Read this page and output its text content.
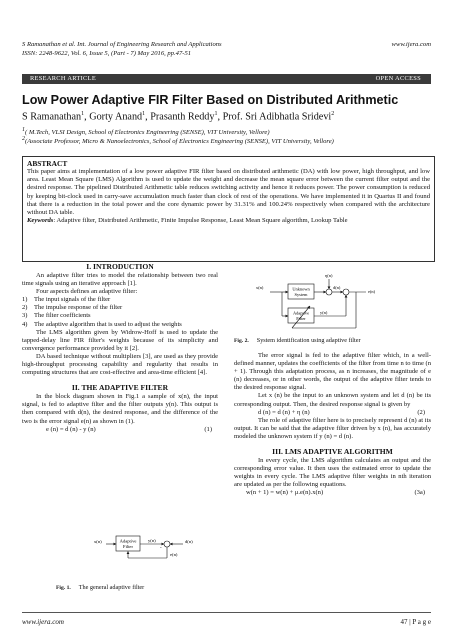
S Ramanathan et al. Int. Journal of Engineering Research and Applications
ISSN: 2248-9622, Vol. 6, Issue 5, (Part - 7) May 2016, pp.47-51
www.ijera.com
RESEARCH ARTICLE	OPEN ACCESS
Low Power Adaptive FIR Filter Based on Distributed Arithmetic
S Ramanathan$^1$, Gorty Anand$^1$, Prasanth Reddy$^1$, Prof. Sri Adibhatla Sridevi$^2$
$^1$( M.Tech, VLSI Design, School of Electronics Engineering (SENSE), VIT University, Vellore)
$^2$(Associate Professor, Micro & Nanoelectronics, School of Electronics Engineering (SENSE), VIT University, Vellore)
ABSTRACT

This paper aims at implementation of a low power adaptive FIR filter based on distributed arithmetic (DA) with low power, high throughput, and low area. Least Mean Square (LMS) Algorithm is used to update the weight and decrease the mean square error between the current filter output and the desired response. The pipelined Distributed Arithmetic table reduces switching activity and hence it reduces power. The power consumption is reduced by keeping bit-clock used in carry-save accumulation much faster than clock of rest of the operations. We have implemented it in Quartus II and found that there is a reduction in the total power and the core dynamic power by 31.31% and 100.24% respectively when compared with the architecture without DA table.

Keywords: Adaptive filter, Distributed Arithmetic, Finite Impulse Response, Least Mean Square algorithm, Lookup Table

I. INTRODUCTION

An adaptive filter tries to model the relationship between two real time signals using an iterative approach [1].

Four aspects defines an adaptive filter:

1) The input signals of the filter
2) The impulse response of the filter
3) The filter coefficients
4) The adaptive algorithm that is used to adjust the weights

The LMS algorithm given by Widrow-Hoff is used to update the tapped-delay line FIR filter's weights because of its simplicity and convergence performance provided by it [2].

DA based technique without multipliers [3], are used as they provide high-throughput processing capability and regularity that results in computing structures that are cost-effective and area-time efficient [4].

II. THE ADAPTIVE FILTER

In the block diagram shown in Fig.1 a sample of x(n), the input signal, is fed to adaptive filter and the filter outputs y(n). This output is then compared with d(n), the desired response, and the difference of the two is the error signal e(n) as shown in (1).

e (n) = d (n) - y (n)	(1)
Adaptive
Filter
x(n)	y(n)	d(n)
e(n)
-
Fig. 1. The general adaptive filter
x(n)	Unknown
System
Adaptive
Filter
η(n)
d(n)
e(n)
y(n)
Fig. 2. System identification using adaptive filter

The error signal is fed to the adaptive filter which, in a well-defined manner, updates the coefficients of the filter from time n to time (n + 1). Through this adaptation process, as n increases, the magnitude of e (n) decreases, or in other words, the output of the adaptive filter tends to the desired response signal.

Let x (n) be the input to an unknown system and let d (n) be its corresponding output. Then, the desired response signal is given by

d (n) = d (n) + η (n)	(2)

The role of adaptive filter here is to precisely represent d (n) at its output. It can be said that the adaptive filter driven by x (n), has accurately modeled the unknown system if y (n) = d (n).

III. LMS ADAPTIVE ALGORITHM

In every cycle, the LMS algorithm calculates an output and the corresponding error value. It then uses the estimated error to update the weights in every cycle. The LMS adaptive filter weights in nth iteration are updated as per the following equations.

w(n + 1) = w(n) + μ.e(n).x(n)	(3a)
www.ijera.com	47 | P a g e
